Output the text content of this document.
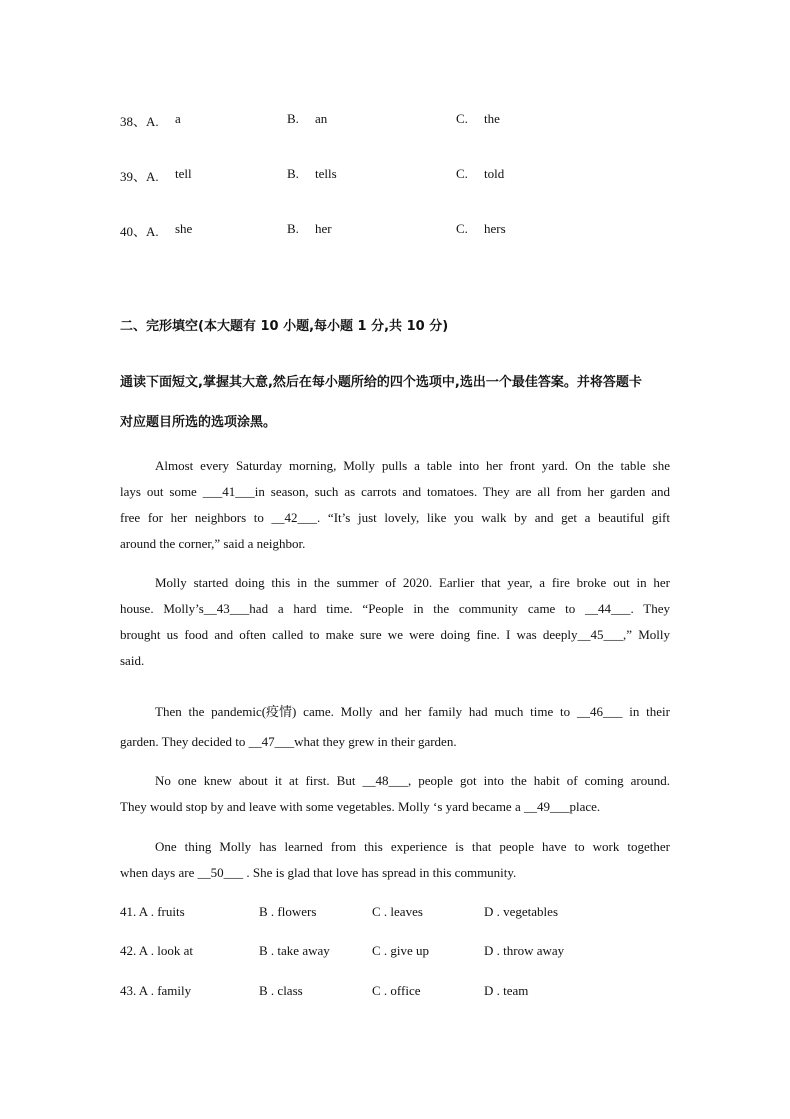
38、A. a	B. an	C. the
39、A. tell	B. tells	C. told
40、A. she	B. her	C. hers
二、完形填空(本大题有 10 小题,每小题 1 分,共 10 分)
通读下面短文,掌握其大意,然后在每小题所给的四个选项中,选出一个最佳答案。并将答题卡
对应题目所选的选项涂黑。
Almost every Saturday morning, Molly pulls a table into her front yard. On the table she
lays out some ___41___in season, such as carrots and tomatoes. They are all from her garden and
free for her neighbors to __42___. “It’s just lovely, like you walk by and get a beautiful gift
around the corner,” said a neighbor.
Molly started doing this in the summer of 2020. Earlier that year, a fire broke out in her
house. Molly’s__43___had a hard time. “People in the community came to __44___. They
brought us food and often called to make sure we were doing fine. I was deeply__45___,” Molly
said.
Then the pandemic(疫情) came. Molly and her family had much time to __46___ in their
garden. They decided to __47___what they grew in their garden.
No one knew about it at first. But __48___, people got into the habit of coming around.
They would stop by and leave with some vegetables. Molly ‘s yard became a __49___place.
One thing Molly has learned from this experience is that people have to work together
when days are __50___ . She is glad that love has spread in this community.
41. A . fruits	B . flowers	C . leaves	D . vegetables
42. A . look at	B . take away	C . give up	D . throw away
43. A . family	B . class	C . office	D . team
